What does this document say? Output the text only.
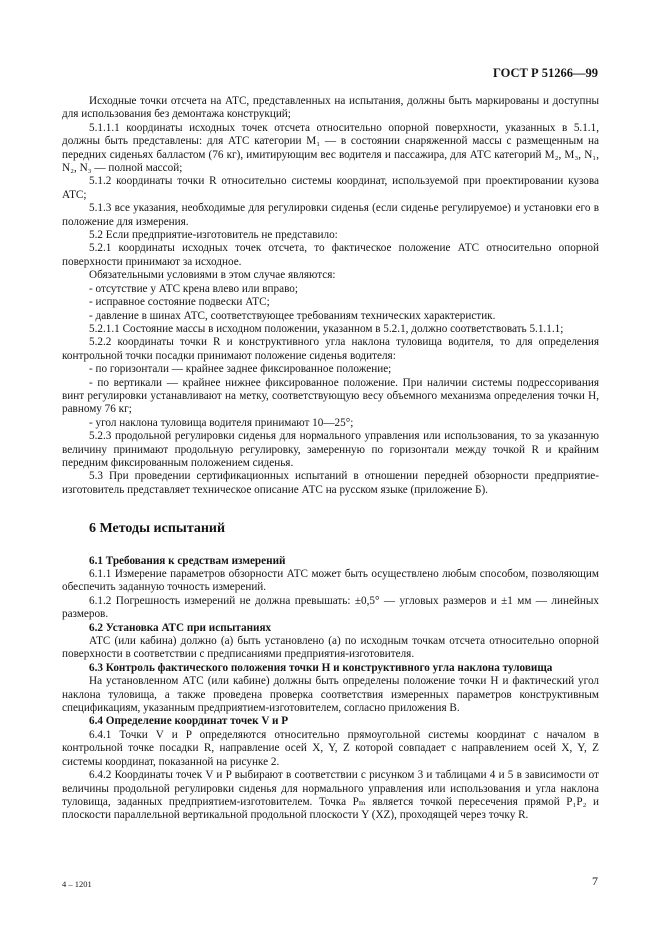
ГОСТ Р 51266—99

Исходные точки отсчета на АТС, представленных на испытания, должны быть маркированы и доступны для использования без демонтажа конструкций;

5.1.1.1 координаты исходных точек отсчета относительно опорной поверхности, указанных в 5.1.1, должны быть представлены: для АТС категории M₁ — в состоянии снаряженной массы с размещенным на передних сиденьях балластом (76 кг), имитирующим вес водителя и пассажира, для АТС категорий M₂, M₃, N₁, N₂, N₃ — полной массой;

5.1.2 координаты точки R относительно системы координат, используемой при проектировании кузова АТС;

5.1.3 все указания, необходимые для регулировки сиденья (если сиденье регулируемое) и установки его в положение для измерения.

5.2 Если предприятие-изготовитель не представило:

5.2.1 координаты исходных точек отсчета, то фактическое положение АТС относительно опорной поверхности принимают за исходное.

Обязательными условиями в этом случае являются:

- отсутствие у АТС крена влево или вправо;

- исправное состояние подвески АТС;

- давление в шинах АТС, соответствующее требованиям технических характеристик.

5.2.1.1 Состояние массы в исходном положении, указанном в 5.2.1, должно соответствовать 5.1.1.1;

5.2.2 координаты точки R и конструктивного угла наклона туловища водителя, то для определения контрольной точки посадки принимают положение сиденья водителя:

- по горизонтали — крайнее заднее фиксированное положение;

- по вертикали — крайнее нижнее фиксированное положение. При наличии системы подрессоривания винт регулировки устанавливают на метку, соответствующую весу объемного механизма определения точки H, равному 76 кг;

- угол наклона туловища водителя принимают 10—25°;

5.2.3 продольной регулировки сиденья для нормального управления или использования, то за указанную величину принимают продольную регулировку, замеренную по горизонтали между точкой R и крайним передним фиксированным положением сиденья.

5.3 При проведении сертификационных испытаний в отношении передней обзорности предприятие-изготовитель представляет техническое описание АТС на русском языке (приложение Б).

6 Методы испытаний

6.1 Требования к средствам измерений

6.1.1 Измерение параметров обзорности АТС может быть осуществлено любым способом, позволяющим обеспечить заданную точность измерений.

6.1.2 Погрешность измерений не должна превышать: ±0,5° — угловых размеров и ±1 мм — линейных размеров.

6.2 Установка АТС при испытаниях

АТС (или кабина) должно (а) быть установлено (а) по исходным точкам отсчета относительно опорной поверхности в соответствии с предписаниями предприятия-изготовителя.

6.3 Контроль фактического положения точки H и конструктивного угла наклона туловища

На установленном АТС (или кабине) должны быть определены положение точки H и фактический угол наклона туловища, а также проведена проверка соответствия измеренных параметров конструктивным спецификациям, указанным предприятием-изготовителем, согласно приложения В.

6.4 Определение координат точек V и P

6.4.1 Точки V и P определяются относительно прямоугольной системы координат с началом в контрольной точке посадки R, направление осей X, Y, Z которой совпадает с направлением осей X, Y, Z системы координат, показанной на рисунке 2.

6.4.2 Координаты точек V и P выбирают в соответствии с рисунком 3 и таблицами 4 и 5 в зависимости от величины продольной регулировки сиденья для нормального управления или использования и угла наклона туловища, заданных предприятием-изготовителем. Точка Pₘ является точкой пересечения прямой P₁P₂ и плоскости параллельной вертикальной продольной плоскости Y (XZ), проходящей через точку R.

4 – 1201	7
